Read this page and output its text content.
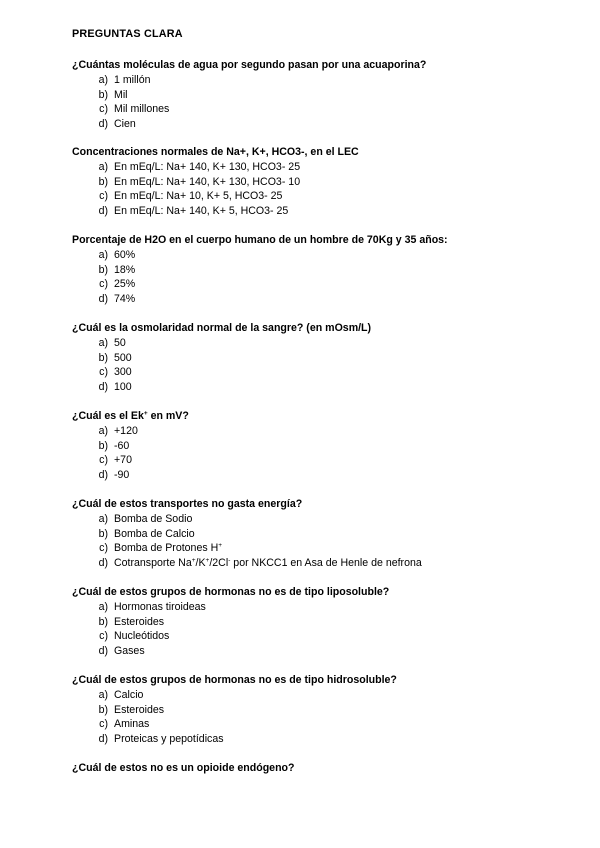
PREGUNTAS CLARA
¿Cuántas moléculas de agua por segundo pasan por una acuaporina?
a) 1 millón
b) Mil
c) Mil millones
d) Cien
Concentraciones normales de Na+, K+, HCO3-, en el LEC
a) En mEq/L: Na+ 140, K+ 130, HCO3- 25
b) En mEq/L: Na+ 140, K+ 130, HCO3- 10
c) En mEq/L: Na+ 10, K+ 5, HCO3- 25
d) En mEq/L: Na+ 140, K+ 5, HCO3- 25
Porcentaje de H2O en el cuerpo humano de un hombre de 70Kg y 35 años:
a) 60%
b) 18%
c) 25%
d) 74%
¿Cuál es la osmolaridad normal de la sangre? (en mOsm/L)
a) 50
b) 500
c) 300
d) 100
¿Cuál es el Ek+ en mV?
a) +120
b) -60
c) +70
d) -90
¿Cuál de estos transportes no gasta energía?
a) Bomba de Sodio
b) Bomba de Calcio
c) Bomba de Protones H+
d) Cotransporte Na+/K+/2Cl- por NKCC1 en Asa de Henle de nefrona
¿Cuál de estos grupos de hormonas no es de tipo liposoluble?
a) Hormonas tiroideas
b) Esteroides
c) Nucleótidos
d) Gases
¿Cuál de estos grupos de hormonas no es de tipo hidrosoluble?
a) Calcio
b) Esteroides
c) Aminas
d) Proteicas y pepotídicas
¿Cuál de estos no es un opioide endógeno?
